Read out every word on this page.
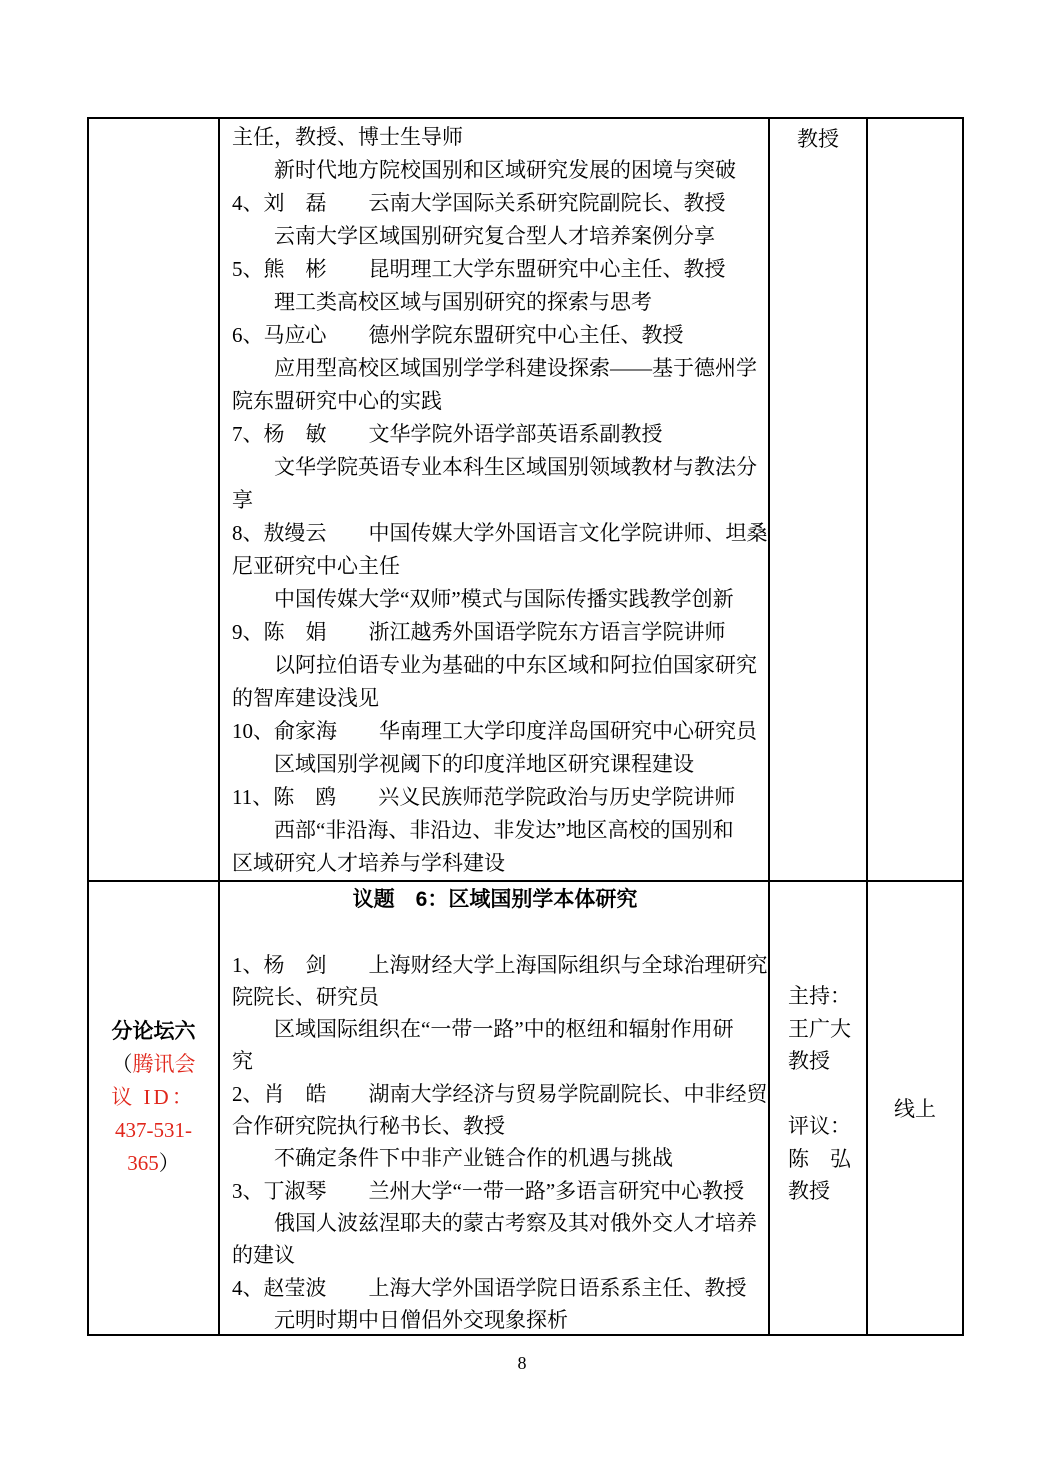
主任，教授、博士生导师
新时代地方院校国别和区域研究发展的困境与突破
4、刘　磊　　云南大学国际关系研究院副院长、教授
云南大学区域国别研究复合型人才培养案例分享
5、熊　彬　　昆明理工大学东盟研究中心主任、教授
理工类高校区域与国别研究的探索与思考
6、马应心　　德州学院东盟研究中心主任、教授
应用型高校区域国别学学科建设探索——基于德州学
院东盟研究中心的实践
7、杨　敏　　文华学院外语学部英语系副教授
文华学院英语专业本科生区域国别领域教材与教法分
享
8、敖缦云　　中国传媒大学外国语言文化学院讲师、坦桑
尼亚研究中心主任
中国传媒大学“双师”模式与国际传播实践教学创新
9、陈　娟　　浙江越秀外国语学院东方语言学院讲师
以阿拉伯语专业为基础的中东区域和阿拉伯国家研究
的智库建设浅见
10、俞家海　　华南理工大学印度洋岛国研究中心研究员
区域国别学视阈下的印度洋地区研究课程建设
11、陈　鸥　　兴义民族师范学院政治与历史学院讲师
西部“非沿海、非沿边、非发达”地区高校的国别和
区域研究人才培养与学科建设
教授
分论坛六
（腾讯会
议 ID：
437-531-
365）
议题　6：区域国别学本体研究
1、杨　剑　　上海财经大学上海国际组织与全球治理研究
院院长、研究员
区域国际组织在“一带一路”中的枢纽和辐射作用研
究
2、肖　皓　　湖南大学经济与贸易学院副院长、中非经贸
合作研究院执行秘书长、教授
不确定条件下中非产业链合作的机遇与挑战
3、丁淑琴　　兰州大学“一带一路”多语言研究中心教授
俄国人波兹涅耶夫的蒙古考察及其对俄外交人才培养
的建议
4、赵莹波　　上海大学外国语学院日语系系主任、教授
元明时期中日僧侣外交现象探析
主持：
王广大
教授
评议：
陈　弘
教授
线上
8
